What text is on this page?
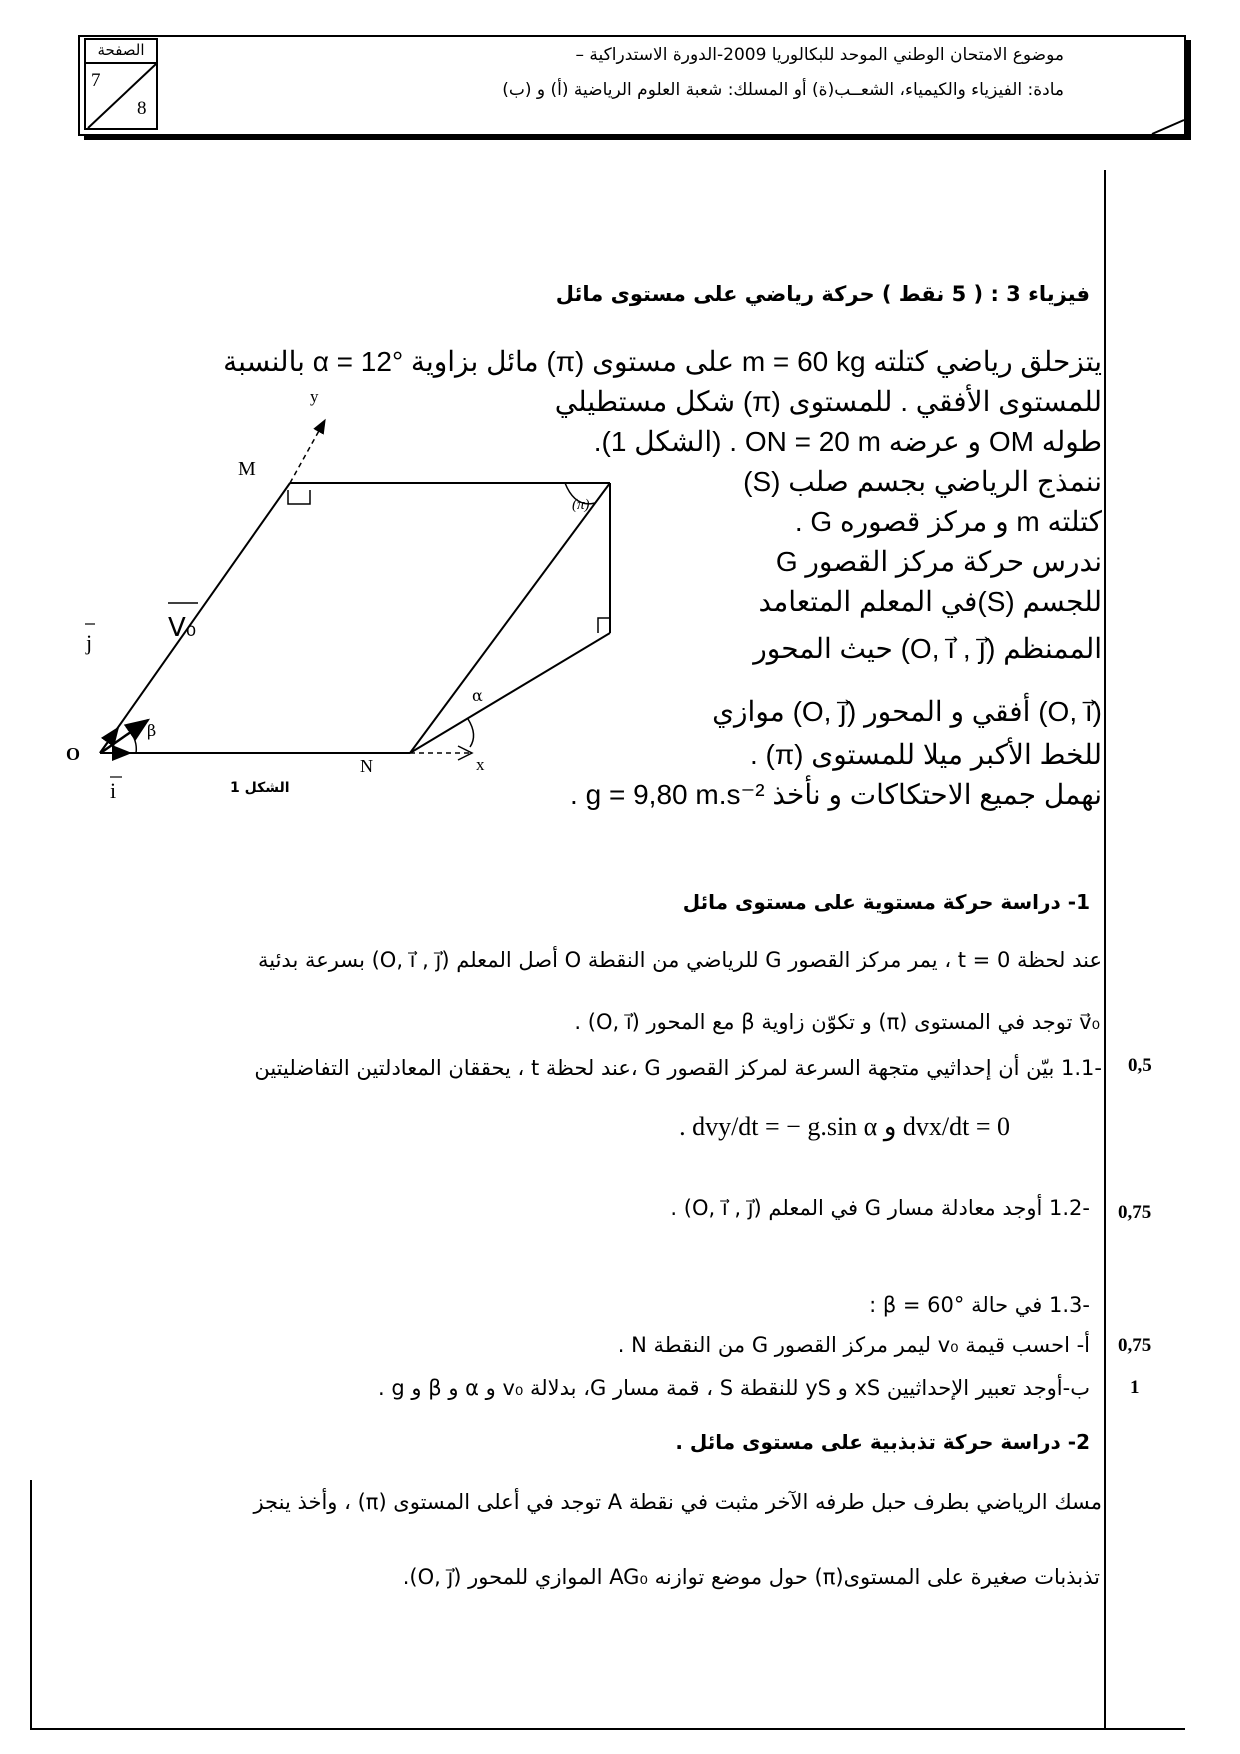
الصفحة
7
8
موضوع الامتحان الوطني الموحد للبكالوريا 2009-الدورة الاستدراكية –
مادة: الفيزياء والكيمياء، الشعــب(ة) أو المسلك: شعبة العلوم الرياضية (أ) و (ب)
فيزياء 3 : ( 5 نقط ) حركة رياضي على مستوى مائل
يتزحلق رياضي كتلته m = 60 kg على مستوى (π) مائل بزاوية α = 12° بالنسبة
للمستوى الأفقي . للمستوى (π) شكل مستطيلي
طوله OM و عرضه ON = 20 m . (الشكل 1).
ننمذج الرياضي بجسم صلب (S)
كتلته m و مركز قصوره G .
ندرس حركة مركز القصور G
للجسم (S)في المعلم المتعامد
الممنظم (O, i⃗ , j⃗) حيث المحور
(O, i⃗) أفقي و المحور (O, j⃗) موازي
للخط الأكبر ميلا للمستوى (π) .
نهمل جميع الاحتكاكات و نأخذ g = 9,80 m.s⁻² .
O
M
N	x
y
(π)
α
β
V₀
i
j
الشكل 1
1- دراسة حركة مستوية على مستوى مائل
عند لحظة t = 0 ، يمر مركز القصور G للرياضي من النقطة O أصل المعلم (O, i⃗ , j⃗) بسرعة بدئية
v⃗₀ توجد في المستوى (π) و تكوّن زاوية β مع المحور (O, i⃗) .
0,5
-1.1 بيّن أن إحداثيي متجهة السرعة لمركز القصور G ،عند لحظة t ، يحققان المعادلتين التفاضليتين
dvx/dt = 0 و dvy/dt = − g.sin α .
0,75
-1.2 أوجد معادلة مسار G في المعلم (O, i⃗ , j⃗) .
-1.3 في حالة β = 60° :
0,75
أ- احسب قيمة v₀ ليمر مركز القصور G من النقطة N .
1
ب-أوجد تعبير الإحداثيين xS و yS للنقطة S ، قمة مسار G، بدلالة v₀ و α و β و g .
2- دراسة حركة تذبذبية على مستوى مائل .
مسك الرياضي بطرف حبل طرفه الآخر مثبت في نقطة A توجد في أعلى المستوى (π) ، وأخذ ينجز
تذبذبات صغيرة على المستوى(π) حول موضع توازنه AG₀ الموازي للمحور (O, j⃗).
